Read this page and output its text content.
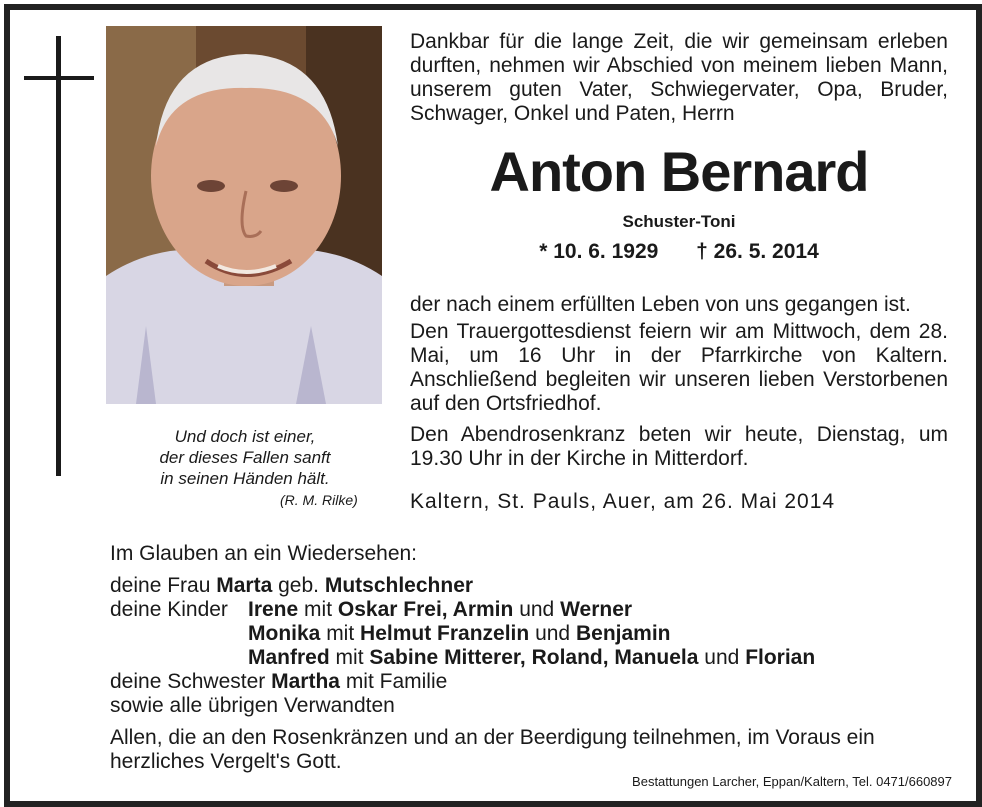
Und doch ist einer,
der dieses Fallen sanft
in seinen Händen hält.
(R. M. Rilke)
Dankbar für die lange Zeit, die wir gemeinsam erleben durften, nehmen wir Abschied von meinem lieben Mann, unserem guten Vater, Schwiegervater, Opa, Bruder, Schwager, Onkel und Paten, Herrn
Anton Bernard
Schuster-Toni
* 10. 6. 1929 † 26. 5. 2014
der nach einem erfüllten Leben von uns gegangen ist.
Den Trauergottesdienst feiern wir am Mittwoch, dem 28. Mai, um 16 Uhr in der Pfarrkirche von Kaltern. Anschließend begleiten wir unseren lieben Verstorbenen auf den Ortsfriedhof.
Den Abendrosenkranz beten wir heute, Dienstag, um 19.30 Uhr in der Kirche in Mitterdorf.
Kaltern, St. Pauls, Auer, am 26. Mai 2014
Im Glauben an ein Wiedersehen:
deine Frau Marta geb. Mutschlechner
deine Kinder Irene mit Oskar Frei, Armin und Werner
Monika mit Helmut Franzelin und Benjamin
Manfred mit Sabine Mitterer, Roland, Manuela und Florian
deine Schwester Martha mit Familie
sowie alle übrigen Verwandten
Allen, die an den Rosenkränzen und an der Beerdigung teilnehmen, im Voraus ein herzliches Vergelt's Gott.
Bestattungen Larcher, Eppan/Kaltern, Tel. 0471/660897
